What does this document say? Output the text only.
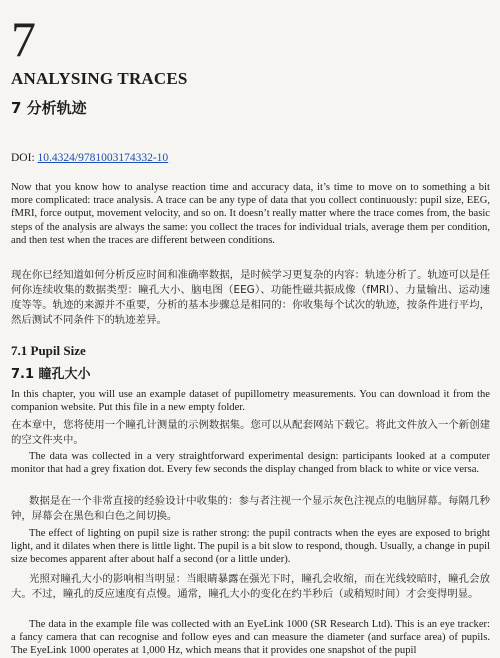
7
ANALYSING TRACES
7 分析轨迹
DOI: 10.4324/9781003174332-10
Now that you know how to analyse reaction time and accuracy data, it’s time to move on to something a bit more complicated: trace analysis. A trace can be any type of data that you collect continuously: pupil size, EEG, fMRI, force output, movement velocity, and so on. It doesn’t really matter where the trace comes from, the basic steps of the analysis are always the same: you collect the traces for individual trials, average them per condition, and then test when the traces are different between conditions.
现在你已经知道如何分析反应时间和准确率数据，是时候学习更复杂的内容：轨迹分析了。轨迹可以是任何你连续收集的数据类型：瞳孔大小、脑电图（EEG）、功能性磁共振成像（fMRI）、力量输出、运动速度等等。轨迹的来源并不重要，分析的基本步骤总是相同的：你收集每个试次的轨迹，按条件进行平均，然后测试不同条件下的轨迹差异。
7.1 Pupil Size
7.1 瞳孔大小
In this chapter, you will use an example dataset of pupillometry measurements. You can download it from the companion website. Put this file in a new empty folder.
在本章中，您将使用一个瞳孔计测量的示例数据集。您可以从配套网站下载它。将此文件放入一个新创建的空文件夹中。
The data was collected in a very straightforward experimental design: participants looked at a computer monitor that had a grey fixation dot. Every few seconds the display changed from black to white or vice versa.
数据是在一个非常直接的经验设计中收集的：参与者注视一个显示灰色注视点的电脑屏幕。每隔几秒钟，屏幕会在黑色和白色之间切换。
The effect of lighting on pupil size is rather strong: the pupil contracts when the eyes are exposed to bright light, and it dilates when there is little light. The pupil is a bit slow to respond, though. Usually, a change in pupil size becomes apparent after about half a second (or a little under).
光照对瞳孔大小的影响相当明显：当眼睛暴露在强光下时，瞳孔会收缩，而在光线较暗时，瞳孔会放大。不过，瞳孔的反应速度有点慢。通常，瞳孔大小的变化在约半秒后（或稍短时间）才会变得明显。
The data in the example file was collected with an EyeLink 1000 (SR Research Ltd). This is an eye tracker: a fancy camera that can recognise and follow eyes and can measure the diameter (and surface area) of pupils. The EyeLink 1000 operates at 1,000 Hz, which means that it provides one snapshot of the pupil
